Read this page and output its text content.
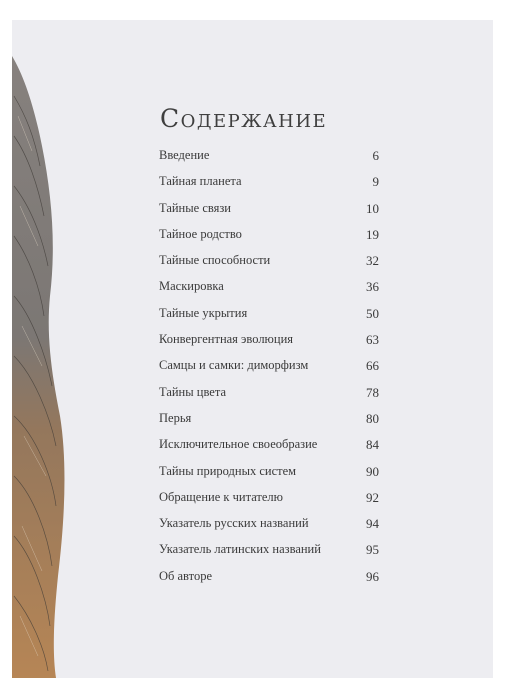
Содержание
Введение	6
Тайная планета	9
Тайные связи	10
Тайное родство	19
Тайные способности	32
Маскировка	36
Тайные укрытия	50
Конвергентная эволюция	63
Самцы и самки: диморфизм	66
Тайны цвета	78
Перья	80
Исключительное своеобразие	84
Тайны природных систем	90
Обращение к читателю	92
Указатель русских названий	94
Указатель латинских названий	95
Об авторе	96
